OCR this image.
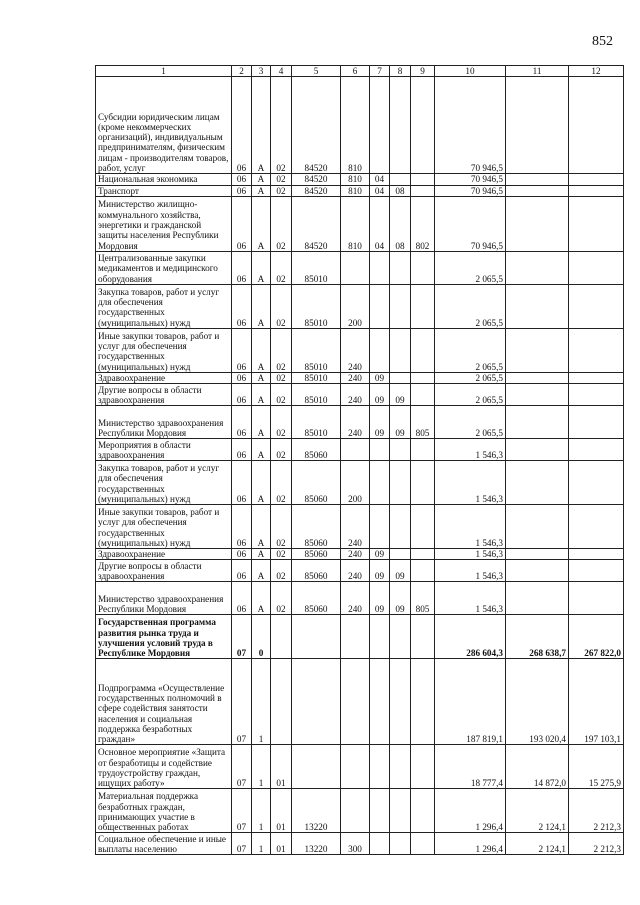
852
1	2	3	4	5	6	7	8	9	10	11	12
Субсидии юридическим лицам (кроме некоммерческих организаций), индивидуальным предпринимателям, физическим лицам - производителям товаров, работ, услуг	06	А	02	84520	810				70 946,5		
Национальная экономика	06	А	02	84520	810	04			70 946,5		
Транспорт	06	А	02	84520	810	04	08		70 946,5		
Министерство жилищно-коммунального хозяйства, энергетики и гражданской защиты населения Республики Мордовия	06	А	02	84520	810	04	08	802	70 946,5		
Централизованные закупки медикаментов и медицинского оборудования	06	А	02	85010					2 065,5		
Закупка товаров, работ и услуг для обеспечения государственных (муниципальных) нужд	06	А	02	85010	200				2 065,5		
Иные закупки товаров, работ и услуг для обеспечения государственных (муниципальных) нужд	06	А	02	85010	240				2 065,5		
Здравоохранение	06	А	02	85010	240	09			2 065,5		
Другие вопросы в области здравоохранения	06	А	02	85010	240	09	09		2 065,5		
Министерство здравоохранения Республики Мордовия	06	А	02	85010	240	09	09	805	2 065,5		
Мероприятия в области здравоохранения	06	А	02	85060					1 546,3		
Закупка товаров, работ и услуг для обеспечения государственных (муниципальных) нужд	06	А	02	85060	200				1 546,3		
Иные закупки товаров, работ и услуг для обеспечения государственных (муниципальных) нужд	06	А	02	85060	240				1 546,3		
Здравоохранение	06	А	02	85060	240	09			1 546,3		
Другие вопросы в области здравоохранения	06	А	02	85060	240	09	09		1 546,3		
Министерство здравоохранения Республики Мордовия	06	А	02	85060	240	09	09	805	1 546,3		
Государственная программа развития рынка труда и улучшения условий труда в Республике Мордовия	07	0							286 604,3	268 638,7	267 822,0
Подпрограмма «Осуществление государственных полномочий в сфере содействия занятости населения и социальная поддержка безработных граждан»	07	1							187 819,1	193 020,4	197 103,1
Основное мероприятие «Защита от безработицы и содействие трудоустройству граждан, ищущих работу»	07	1	01						18 777,4	14 872,0	15 275,9
Материальная поддержка безработных граждан, принимающих участие в общественных работах	07	1	01	13220					1 296,4	2 124,1	2 212,3
Социальное обеспечение и иные выплаты населению	07	1	01	13220	300				1 296,4	2 124,1	2 212,3
